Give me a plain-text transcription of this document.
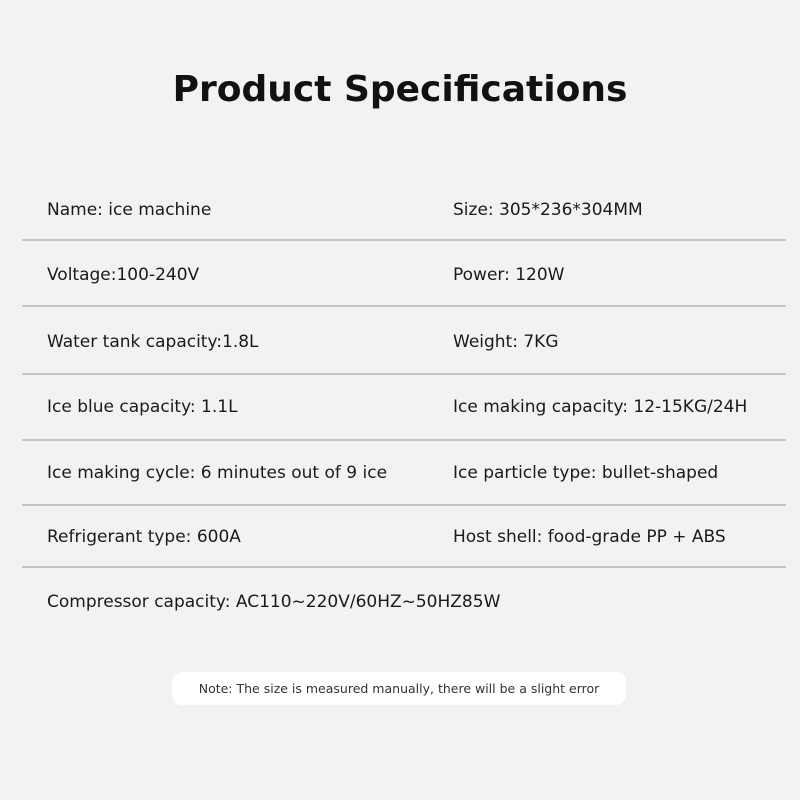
Product Specifications
Name: ice machine	Size: 305*236*304MM
Voltage:100-240V	Power: 120W
Water tank capacity:1.8L	Weight: 7KG
Ice blue capacity: 1.1L	Ice making capacity: 12-15KG/24H
Ice making cycle: 6 minutes out of 9 ice	Ice particle type: bullet-shaped
Refrigerant type: 600A	Host shell: food-grade PP + ABS
Compressor capacity: AC110~220V/60HZ~50HZ85W
Note: The size is measured manually, there will be a slight error
